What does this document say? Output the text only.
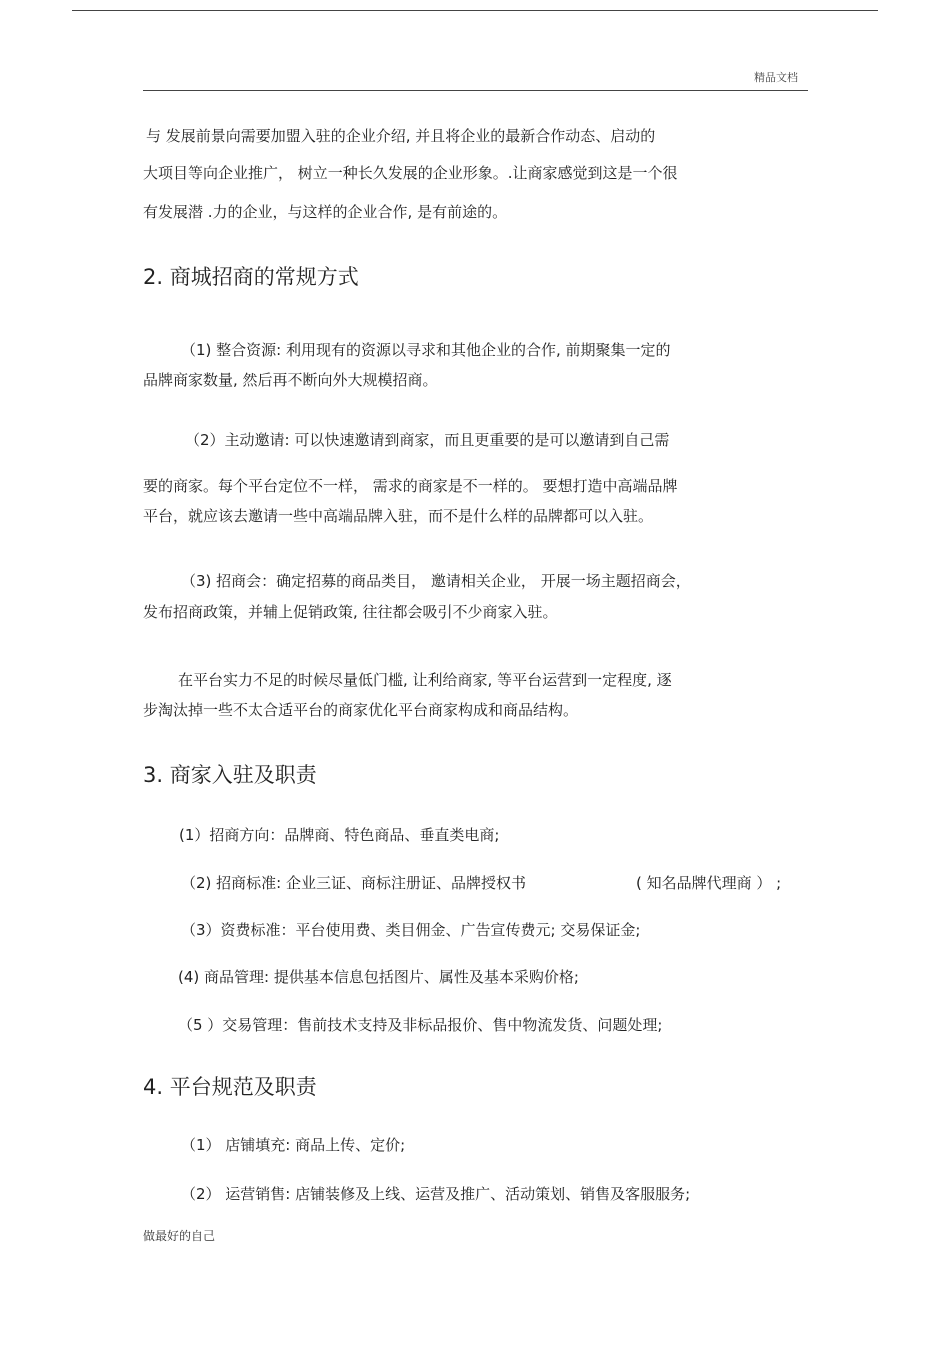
精品文档
与 发展前景向需要加盟入驻的企业介绍, 并且将企业的最新合作动态、启动的
大项目等向企业推广， 树立一种长久发展的企业形象。.让商家感觉到这是一个很
有发展潜 .力的企业，与这样的企业合作, 是有前途的。
2. 商城招商的常规方式
（1) 整合资源: 利用现有的资源以寻求和其他企业的合作, 前期聚集一定的
品牌商家数量, 然后再不断向外大规模招商。
（2）主动邀请: 可以快速邀请到商家，而且更重要的是可以邀请到自己需
要的商家。每个平台定位不一样， 需求的商家是不一样的。 要想打造中高端品牌
平台，就应该去邀请一些中高端品牌入驻，而不是什么样的品牌都可以入驻。
（3) 招商会：确定招募的商品类目， 邀请相关企业， 开展一场主题招商会，
发布招商政策，并辅上促销政策, 往往都会吸引不少商家入驻。
在平台实力不足的时候尽量低门槛, 让利给商家, 等平台运营到一定程度, 逐
步淘汰掉一些不太合适平台的商家优化平台商家构成和商品结构。
3. 商家入驻及职责
(1）招商方向：品牌商、特色商品、垂直类电商;
（2) 招商标准: 企业三证、商标注册证、品牌授权书	( 知名品牌代理商 ） ;
（3）资费标准：平台使用费、类目佣金、广告宣传费元; 交易保证金;
(4) 商品管理: 提供基本信息包括图片、属性及基本采购价格;
（5 ）交易管理：售前技术支持及非标品报价、售中物流发货、问题处理;
4. 平台规范及职责
（1） 店铺填充: 商品上传、定价;
（2） 运营销售: 店铺装修及上线、运营及推广、活动策划、销售及客服服务;
做最好的自己
